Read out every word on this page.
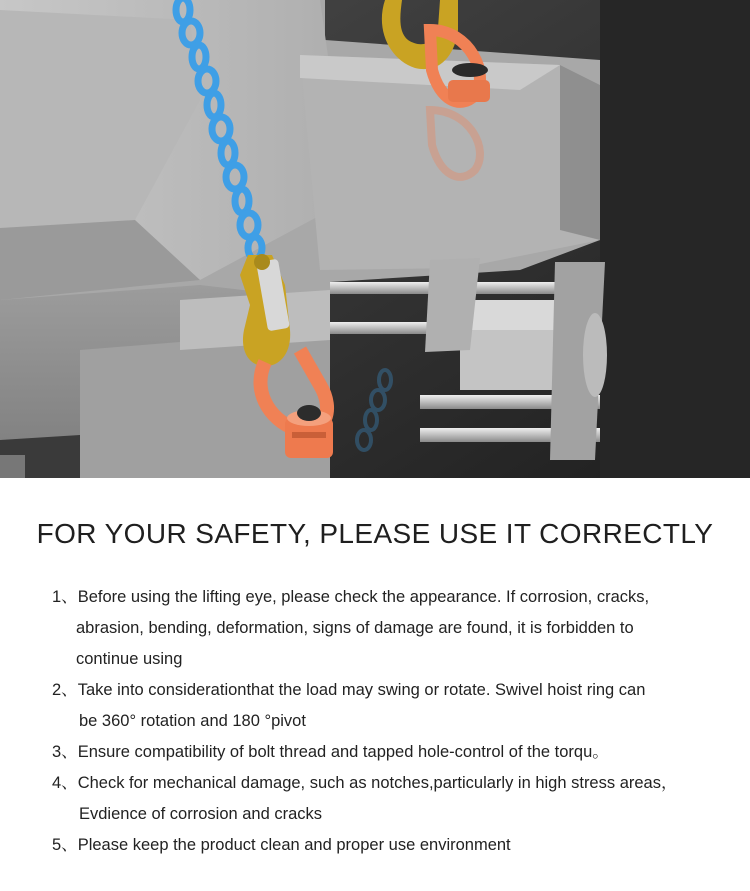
FOR YOUR SAFETY, PLEASE USE IT CORRECTLY
1、Before using the lifting eye, please check the appearance. If corrosion, cracks,
abrasion, bending, deformation, signs of damage are found, it is forbidden to
continue using
2、Take into considerationthat the load may swing or rotate. Swivel hoist ring can
be 360° rotation and 180 °pivot
3、Ensure compatibility of bolt thread and tapped hole-control of the torqu。
4、Check for mechanical damage, such as notches,particularly in high stress areas，
Evdience of corrosion and cracks
5、Please keep the product clean and proper use environment
